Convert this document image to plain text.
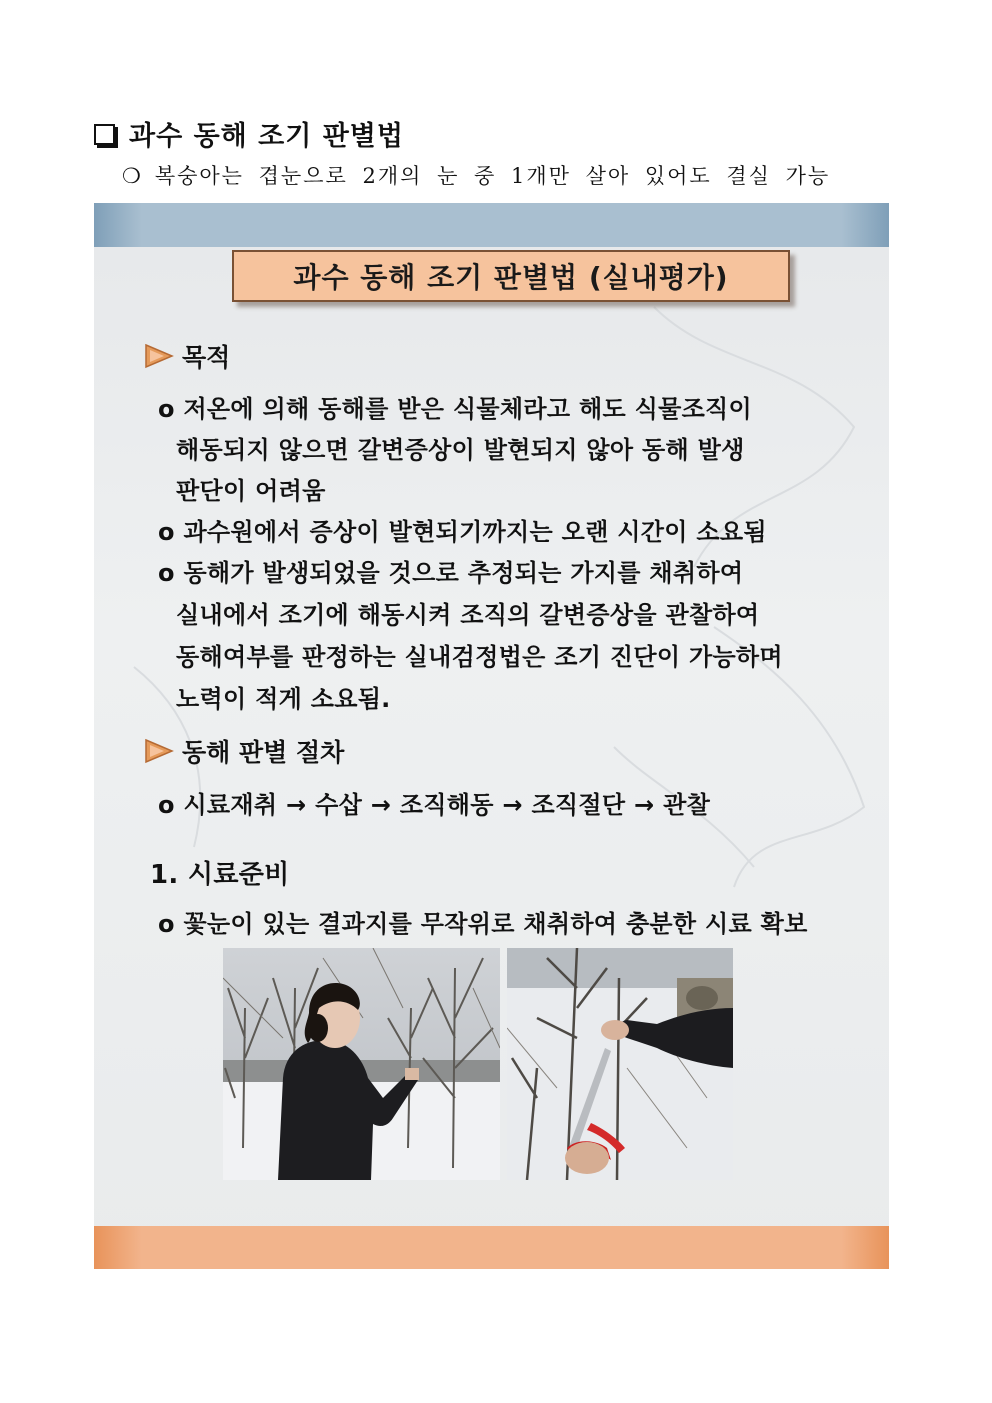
과수 동해 조기 판별법
❍ 복숭아는 겹눈으로 2개의 눈 중 1개만 살아 있어도 결실 가능
과수 동해 조기 판별법 (실내평가)
목적
o 저온에 의해 동해를 받은 식물체라고 해도 식물조직이
해동되지 않으면 갈변증상이 발현되지 않아 동해 발생
판단이 어려움
o 과수원에서 증상이 발현되기까지는 오랜 시간이 소요됨
o 동해가 발생되었을 것으로 추정되는 가지를 채취하여
실내에서 조기에 해동시켜 조직의 갈변증상을 관찰하여
동해여부를 판정하는 실내검정법은 조기 진단이 가능하며
노력이 적게 소요됨.
동해 판별 절차
o 시료재취 → 수삽 → 조직해동 → 조직절단 → 관찰
1. 시료준비
o 꽃눈이 있는 결과지를 무작위로 채취하여 충분한 시료 확보
